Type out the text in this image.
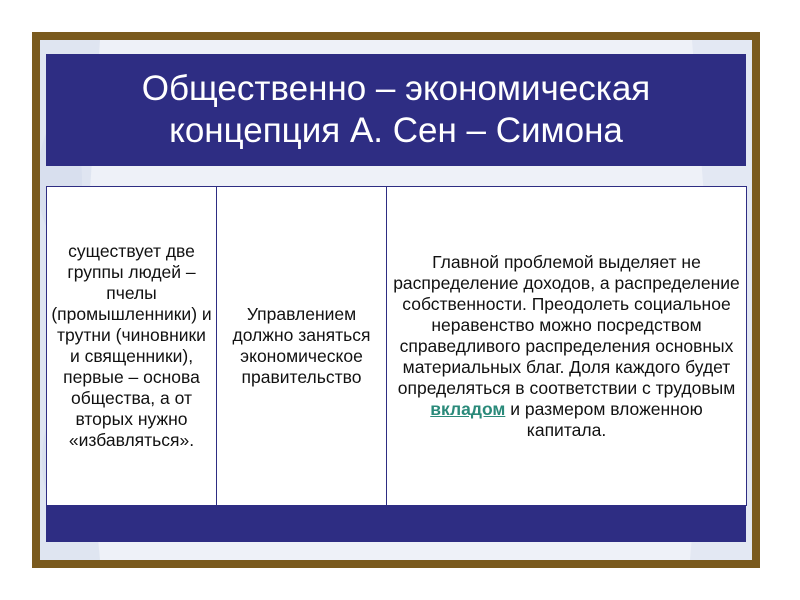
Общественно – экономическая концепция А. Сен – Симона
существует две группы людей – пчелы (промышленники) и трутни (чиновники и священники), первые – основа общества, а от вторых нужно «избавляться».	Управлением должно заняться экономическое правительство	Главной проблемой выделяет не распределение доходов, а распределение собственности. Преодолеть социальное неравенство можно посредством справедливого распределения основных материальных благ. Доля каждого будет определяться в соответствии с трудовым вкладом и размером вложенною капитала.
